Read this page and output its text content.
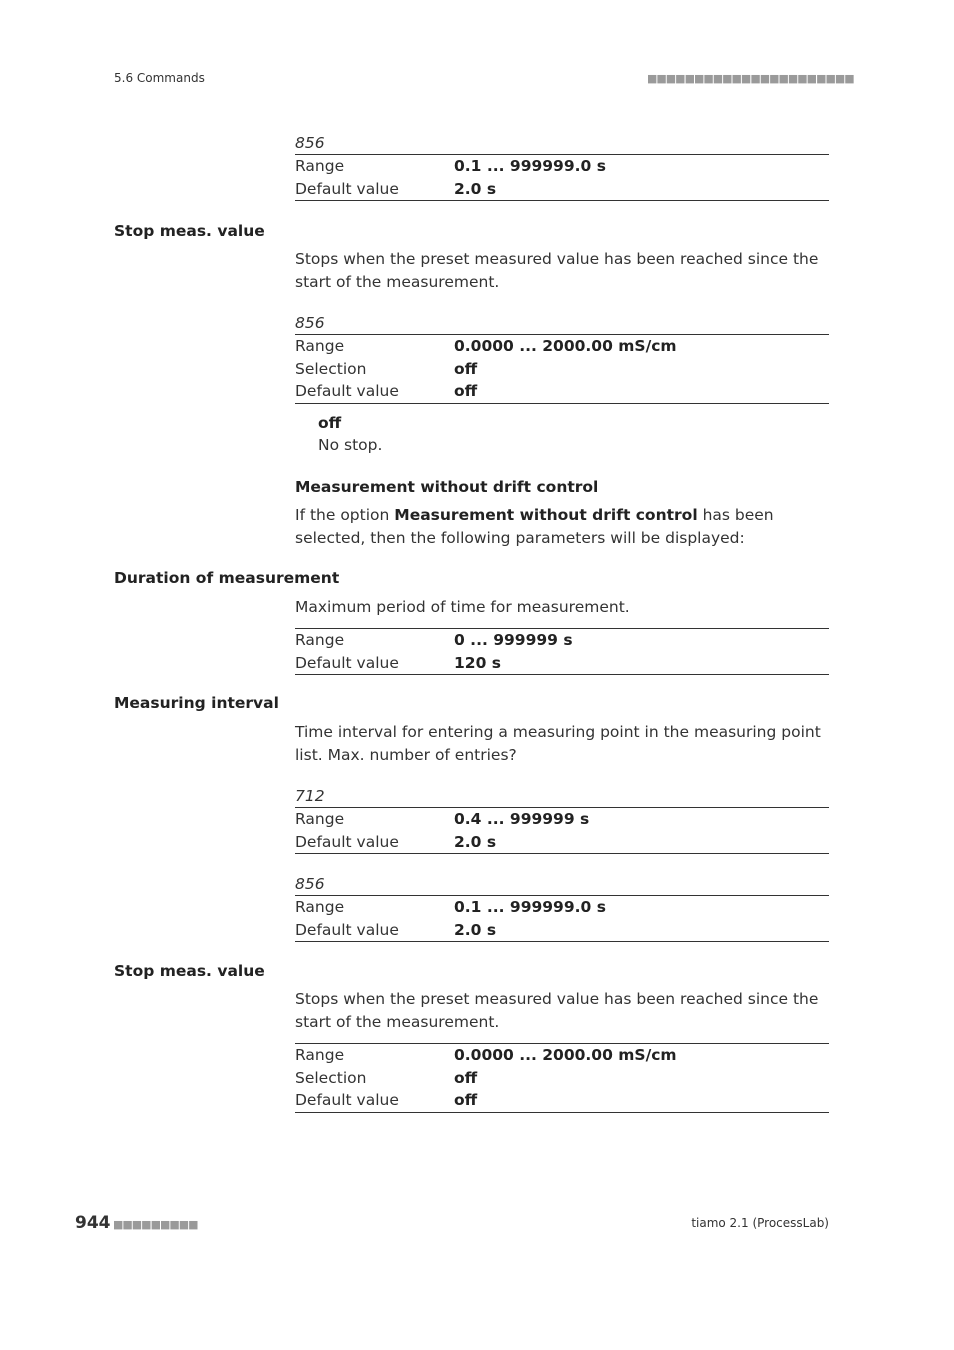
5.6 Commands	■■■■■■■■■■■■■■■■■■■■■■
856
Range	0.1 ... 999999.0 s
Default value	2.0 s
Stop meas. value
Stops when the preset measured value has been reached since the start of the measurement.
856
Range	0.0000 ... 2000.00 mS/cm
Selection	off
Default value	off
off
No stop.
Measurement without drift control
If the option Measurement without drift control has been selected, then the following parameters will be displayed:
Duration of measurement
Maximum period of time for measurement.
Range	0 ... 999999 s
Default value	120 s
Measuring interval
Time interval for entering a measuring point in the measuring point list. Max. number of entries?
712
Range	0.4 ... 999999 s
Default value	2.0 s
856
Range	0.1 ... 999999.0 s
Default value	2.0 s
Stop meas. value
Stops when the preset measured value has been reached since the start of the measurement.
Range	0.0000 ... 2000.00 mS/cm
Selection	off
Default value	off
944 ■■■■■■■■■	tiamo 2.1 (ProcessLab)
